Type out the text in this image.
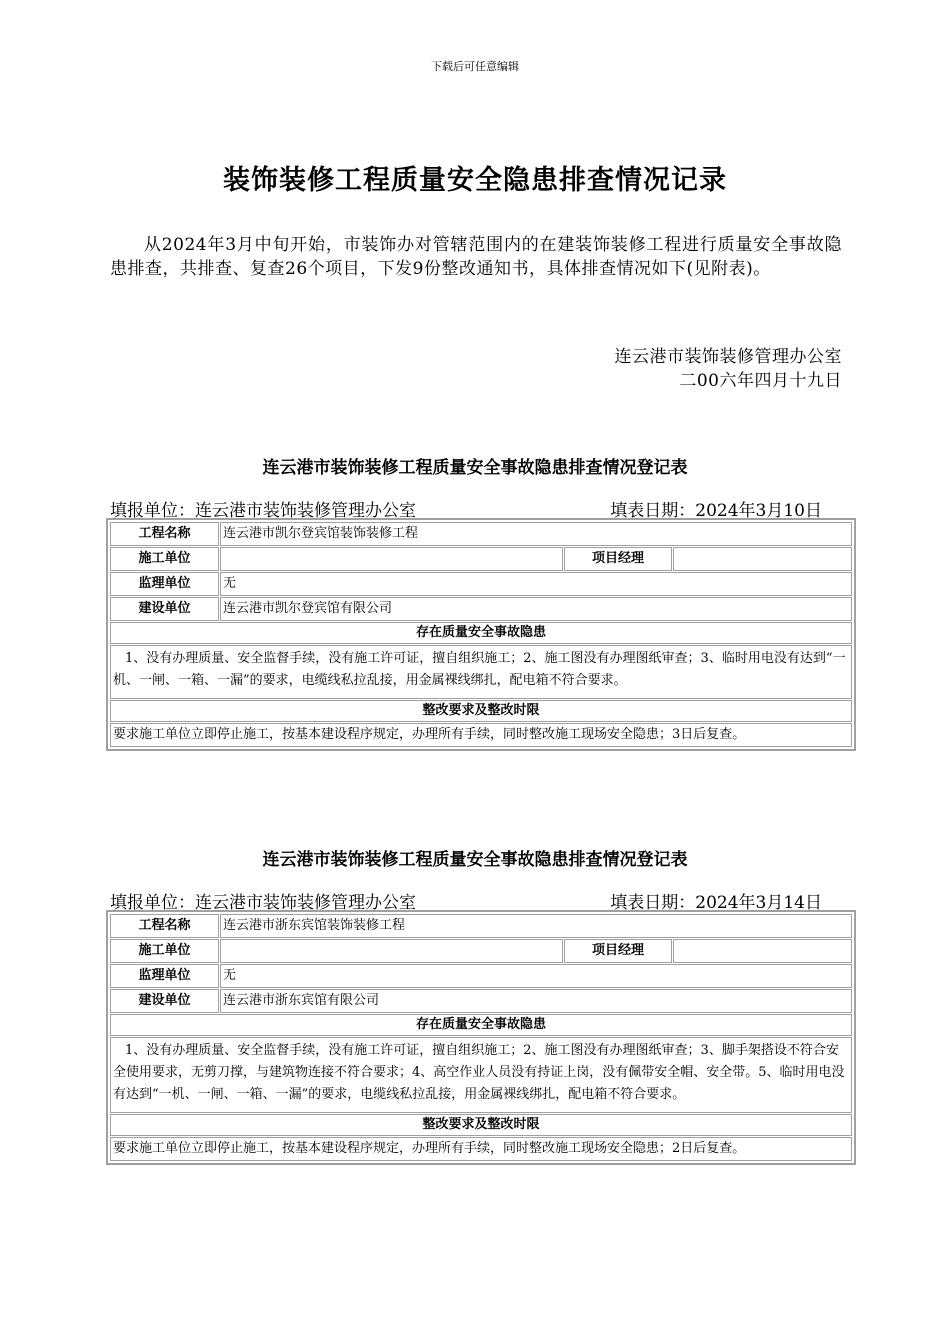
下载后可任意编辑
装饰装修工程质量安全隐患排查情况记录
从2024年3月中旬开始，市装饰办对管辖范围内的在建装饰装修工程进行质量安全事故隐患排查，共排查、复查26个项目，下发9份整改通知书，具体排查情况如下(见附表)。
连云港市装饰装修管理办公室
二00六年四月十九日
连云港市装饰装修工程质量安全事故隐患排查情况登记表
填报单位：连云港市装饰装修管理办公室	填表日期：2024年3月10日
工程名称	连云港市凯尔登宾馆装饰装修工程		
施工单位		项目经理	
监理单位	无		
建设单位	连云港市凯尔登宾馆有限公司		
存在质量安全事故隐患			
1、没有办理质量、安全监督手续，没有施工许可证，擅自组织施工；2、施工图没有办理图纸审查；3、临时用电没有达到“一机、一闸、一箱、一漏”的要求，电缆线私拉乱接，用金属裸线绑扎，配电箱不符合要求。			
整改要求及整改时限			
要求施工单位立即停止施工，按基本建设程序规定，办理所有手续，同时整改施工现场安全隐患；3日后复查。			
连云港市装饰装修工程质量安全事故隐患排查情况登记表
填报单位：连云港市装饰装修管理办公室	填表日期：2024年3月14日
工程名称	连云港市浙东宾馆装饰装修工程		
施工单位		项目经理	
监理单位	无		
建设单位	连云港市浙东宾馆有限公司		
存在质量安全事故隐患			
1、没有办理质量、安全监督手续，没有施工许可证，擅自组织施工；2、施工图没有办理图纸审查；3、脚手架搭设不符合安全使用要求，无剪刀撑，与建筑物连接不符合要求；4、高空作业人员没有持证上岗，没有佩带安全帽、安全带。5、临时用电没有达到“一机、一闸、一箱、一漏”的要求，电缆线私拉乱接，用金属裸线绑扎，配电箱不符合要求。			
整改要求及整改时限			
要求施工单位立即停止施工，按基本建设程序规定，办理所有手续，同时整改施工现场安全隐患；2日后复查。			
